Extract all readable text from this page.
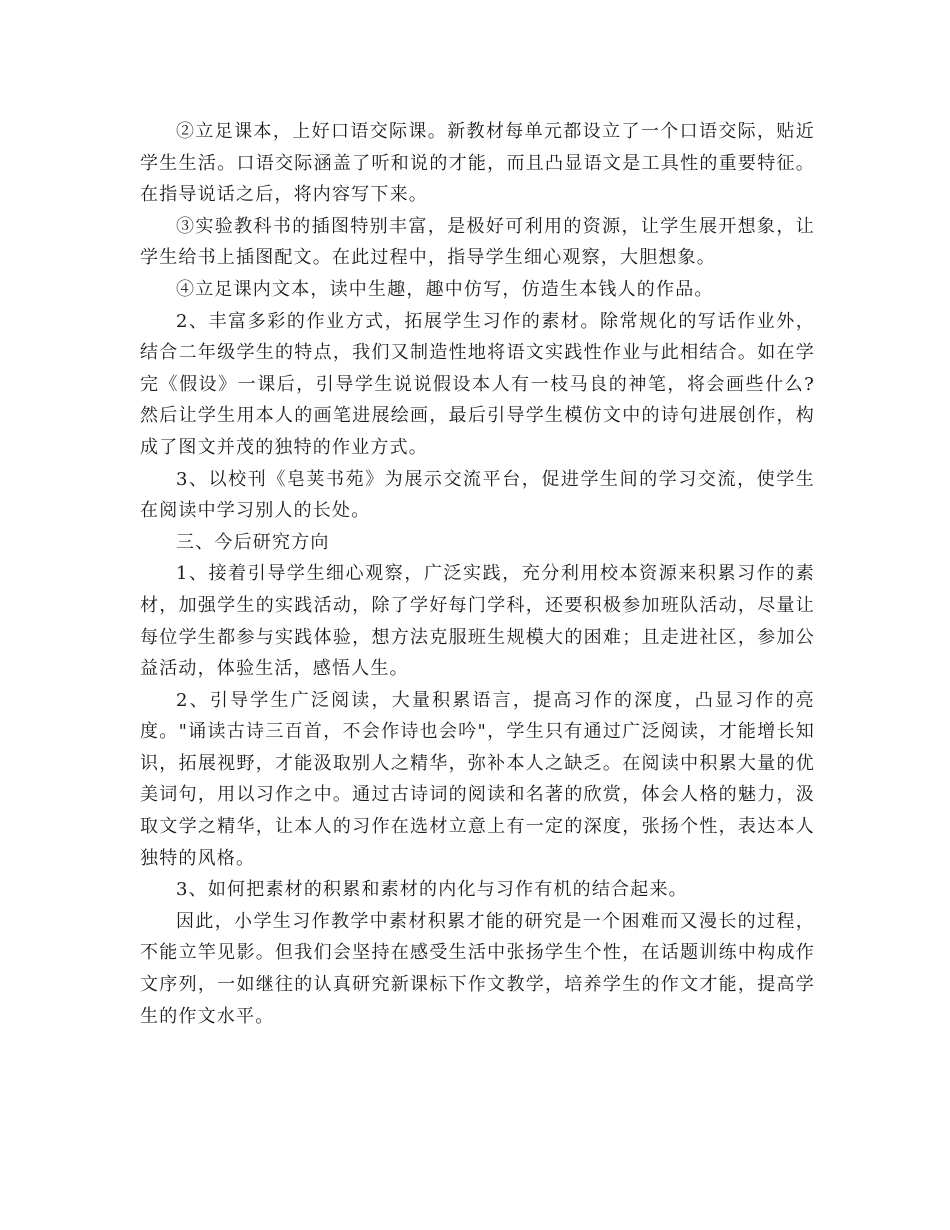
②立足课本，上好口语交际课。新教材每单元都设立了一个口语交际，贴近学生生活。口语交际涵盖了听和说的才能，而且凸显语文是工具性的重要特征。在指导说话之后，将内容写下来。

③实验教科书的插图特别丰富，是极好可利用的资源，让学生展开想象，让学生给书上插图配文。在此过程中，指导学生细心观察，大胆想象。

④立足课内文本，读中生趣，趣中仿写，仿造生本钱人的作品。

2、丰富多彩的作业方式，拓展学生习作的素材。除常规化的写话作业外，结合二年级学生的特点，我们又制造性地将语文实践性作业与此相结合。如在学完《假设》一课后，引导学生说说假设本人有一枝马良的神笔，将会画些什么?然后让学生用本人的画笔进展绘画，最后引导学生模仿文中的诗句进展创作，构成了图文并茂的独特的作业方式。

3、以校刊《皂荚书苑》为展示交流平台，促进学生间的学习交流，使学生在阅读中学习别人的长处。

三、今后研究方向

1、接着引导学生细心观察，广泛实践，充分利用校本资源来积累习作的素材，加强学生的实践活动，除了学好每门学科，还要积极参加班队活动，尽量让每位学生都参与实践体验，想方法克服班生规模大的困难；且走进社区，参加公益活动，体验生活，感悟人生。

2、引导学生广泛阅读，大量积累语言，提高习作的深度，凸显习作的亮度。"诵读古诗三百首，不会作诗也会吟"，学生只有通过广泛阅读，才能增长知识，拓展视野，才能汲取别人之精华，弥补本人之缺乏。在阅读中积累大量的优美词句，用以习作之中。通过古诗词的阅读和名著的欣赏，体会人格的魅力，汲取文学之精华，让本人的习作在选材立意上有一定的深度，张扬个性，表达本人独特的风格。

3、如何把素材的积累和素材的内化与习作有机的结合起来。

因此，小学生习作教学中素材积累才能的研究是一个困难而又漫长的过程，不能立竿见影。但我们会坚持在感受生活中张扬学生个性，在话题训练中构成作文序列，一如继往的认真研究新课标下作文教学，培养学生的作文才能，提高学生的作文水平。
